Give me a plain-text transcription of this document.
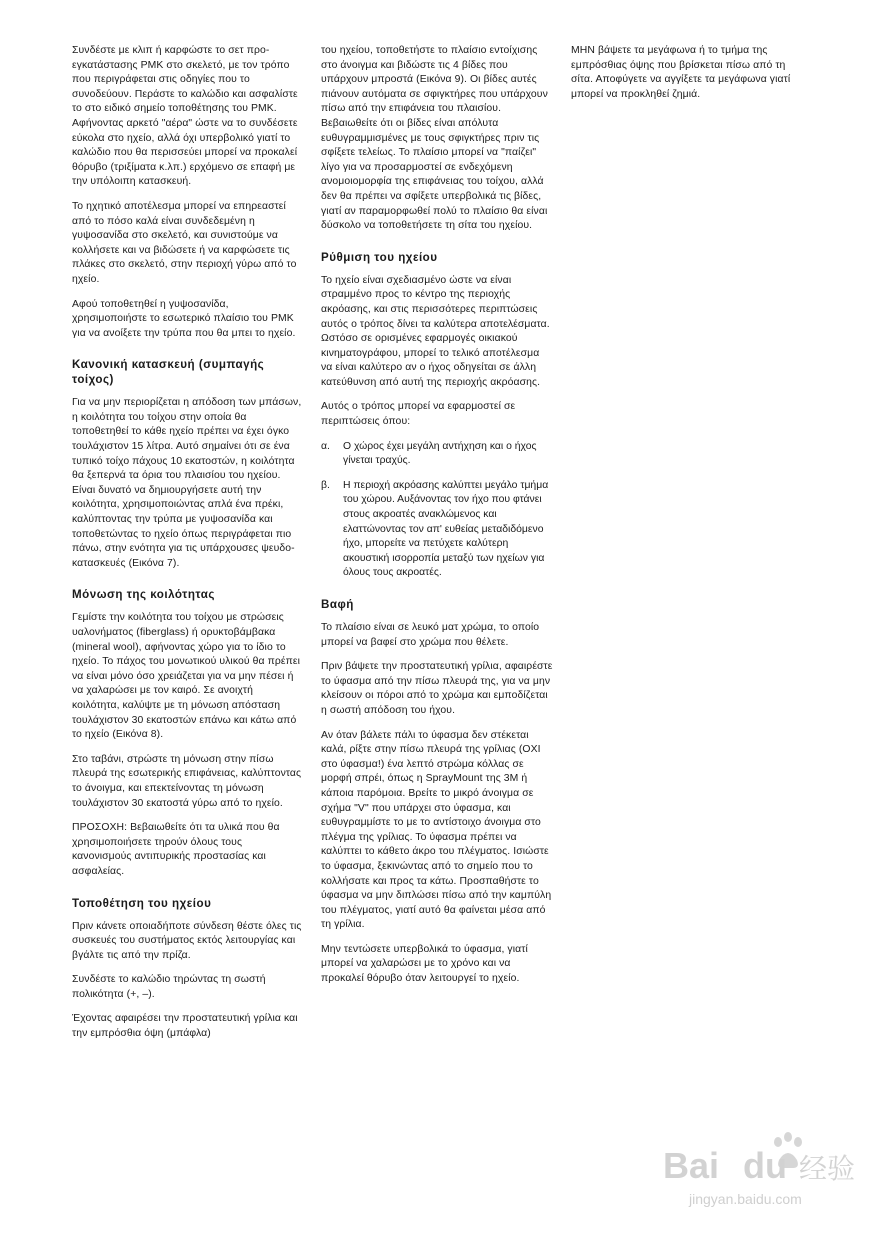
Συνδέστε με κλιπ ή καρφώστε το σετ προ-εγκατάστασης PMK στο σκελετό, με τον τρόπο που περιγράφεται στις οδηγίες που το συνοδεύουν. Περάστε το καλώδιο και ασφαλίστε το στο ειδικό σημείο τοποθέτησης του PMK. Αφήνοντας αρκετό "αέρα" ώστε να το συνδέσετε εύκολα στο ηχείο, αλλά όχι υπερβολικό γιατί το καλώδιο που θα περισσεύει μπορεί να προκαλεί θόρυβο (τριξίματα κ.λπ.) ερχόμενο σε επαφή με την υπόλοιπη κατασκευή.

Το ηχητικό αποτέλεσμα μπορεί να επηρεαστεί από το πόσο καλά είναι συνδεδεμένη η γυψοσανίδα στο σκελετό, και συνιστούμε να κολλήσετε και να βιδώσετε ή να καρφώσετε τις πλάκες στο σκελετό, στην περιοχή γύρω από το ηχείο.

Αφού τοποθετηθεί η γυψοσανίδα, χρησιμοποιήστε το εσωτερικό πλαίσιο του PMK για να ανοίξετε την τρύπα που θα μπει το ηχείο.

Κανονική κατασκευή (συμπαγής τοίχος)

Για να μην περιορίζεται η απόδοση των μπάσων, η κοιλότητα του τοίχου στην οποία θα τοποθετηθεί το κάθε ηχείο πρέπει να έχει όγκο τουλάχιστον 15 λίτρα. Αυτό σημαίνει ότι σε ένα τυπικό τοίχο πάχους 10 εκατοστών, η κοιλότητα θα ξεπερνά τα όρια του πλαισίου του ηχείου. Είναι δυνατό να δημιουργήσετε αυτή την κοιλότητα, χρησιμοποιώντας απλά ένα πρέκι, καλύπτοντας την τρύπα με γυψοσανίδα και τοποθετώντας το ηχείο όπως περιγράφεται πιο πάνω, στην ενότητα για τις υπάρχουσες ψευδο-κατασκευές (Εικόνα 7).

Μόνωση της κοιλότητας

Γεμίστε την κοιλότητα του τοίχου με στρώσεις υαλονήματος (fiberglass) ή ορυκτοβάμβακα (mineral wool), αφήνοντας χώρο για το ίδιο το ηχείο. Το πάχος του μονωτικού υλικού θα πρέπει να είναι μόνο όσο χρειάζεται για να μην πέσει ή να χαλαρώσει με τον καιρό. Σε ανοιχτή κοιλότητα, καλύψτε με τη μόνωση απόσταση τουλάχιστον 30 εκατοστών επάνω και κάτω από το ηχείο (Εικόνα 8).

Στο ταβάνι, στρώστε τη μόνωση στην πίσω πλευρά της εσωτερικής επιφάνειας, καλύπτοντας το άνοιγμα, και επεκτείνοντας τη μόνωση τουλάχιστον 30 εκατοστά γύρω από το ηχείο.

ΠΡΟΣΟΧΗ: Βεβαιωθείτε ότι τα υλικά που θα χρησιμοποιήσετε τηρούν όλους τους κανονισμούς αντιπυρικής προστασίας και ασφαλείας.

Τοποθέτηση του ηχείου

Πριν κάνετε οποιαδήποτε σύνδεση θέστε όλες τις συσκευές του συστήματος εκτός λειτουργίας και βγάλτε τις από την πρίζα.

Συνδέστε το καλώδιο τηρώντας τη σωστή πολικότητα (+, –).

Έχοντας αφαιρέσει την προστατευτική γρίλια και την εμπρόσθια όψη (μπάφλα)

του ηχείου, τοποθετήστε το πλαίσιο εντοίχισης στο άνοιγμα και βιδώστε τις 4 βίδες που υπάρχουν μπροστά (Εικόνα 9). Οι βίδες αυτές πιάνουν αυτόματα σε σφιγκτήρες που υπάρχουν πίσω από την επιφάνεια του πλαισίου. Βεβαιωθείτε ότι οι βίδες είναι απόλυτα ευθυγραμμισμένες με τους σφιγκτήρες πριν τις σφίξετε τελείως. Το πλαίσιο μπορεί να "παίζει" λίγο για να προσαρμοστεί σε ενδεχόμενη ανομοιομορφία της επιφάνειας του τοίχου, αλλά δεν θα πρέπει να σφίξετε υπερβολικά τις βίδες, γιατί αν παραμορφωθεί πολύ το πλαίσιο θα είναι δύσκολο να τοποθετήσετε τη σίτα του ηχείου.

Ρύθμιση του ηχείου

Το ηχείο είναι σχεδιασμένο ώστε να είναι στραμμένο προς το κέντρο της περιοχής ακρόασης, και στις περισσότερες περιπτώσεις αυτός ο τρόπος δίνει τα καλύτερα αποτελέσματα. Ωστόσο σε ορισμένες εφαρμογές οικιακού κινηματογράφου, μπορεί το τελικό αποτέλεσμα να είναι καλύτερο αν ο ήχος οδηγείται σε άλλη κατεύθυνση από αυτή της περιοχής ακρόασης.

Αυτός ο τρόπος μπορεί να εφαρμοστεί σε περιπτώσεις όπου:

α.	Ο χώρος έχει μεγάλη αντήχηση και ο ήχος γίνεται τραχύς.
β.	Η περιοχή ακρόασης καλύπτει μεγάλο τμήμα του χώρου. Αυξάνοντας τον ήχο που φτάνει στους ακροατές ανακλώμενος και ελαττώνοντας τον απ' ευθείας μεταδιδόμενο ήχο, μπορείτε να πετύχετε καλύτερη ακουστική ισορροπία μεταξύ των ηχείων για όλους τους ακροατές.
Βαφή

Το πλαίσιο είναι σε λευκό ματ χρώμα, το οποίο μπορεί να βαφεί στο χρώμα που θέλετε.

Πριν βάψετε την προστατευτική γρίλια, αφαιρέστε το ύφασμα από την πίσω πλευρά της, για να μην κλείσουν οι πόροι από το χρώμα και εμποδίζεται η σωστή απόδοση του ήχου.

Αν όταν βάλετε πάλι το ύφασμα δεν στέκεται καλά, ρίξτε στην πίσω πλευρά της γρίλιας (ΟΧΙ στο ύφασμα!) ένα λεπτό στρώμα κόλλας σε μορφή σπρέι, όπως η SprayMount της 3M ή κάποια παρόμοια. Βρείτε το μικρό άνοιγμα σε σχήμα "V" που υπάρχει στο ύφασμα, και ευθυγραμμίστε το με το αντίστοιχο άνοιγμα στο πλέγμα της γρίλιας. Το ύφασμα πρέπει να καλύπτει το κάθετο άκρο του πλέγματος. Ισιώστε το ύφασμα, ξεκινώντας από το σημείο που το κολλήσατε και προς τα κάτω. Προσπαθήστε το ύφασμα να μην διπλώσει πίσω από την καμπύλη του πλέγματος, γιατί αυτό θα φαίνεται μέσα από τη γρίλια.

Μην τεντώσετε υπερβολικά το ύφασμα, γιατί μπορεί να χαλαρώσει με το χρόνο και να προκαλεί θόρυβο όταν λειτουργεί το ηχείο.

ΜΗΝ βάψετε τα μεγάφωνα ή το τμήμα της εμπρόσθιας όψης που βρίσκεται πίσω από τη σίτα. Αποφύγετε να αγγίξετε τα μεγάφωνα γιατί μπορεί να προκληθεί ζημιά.

Bai du 经验
jingyan.baidu.com
